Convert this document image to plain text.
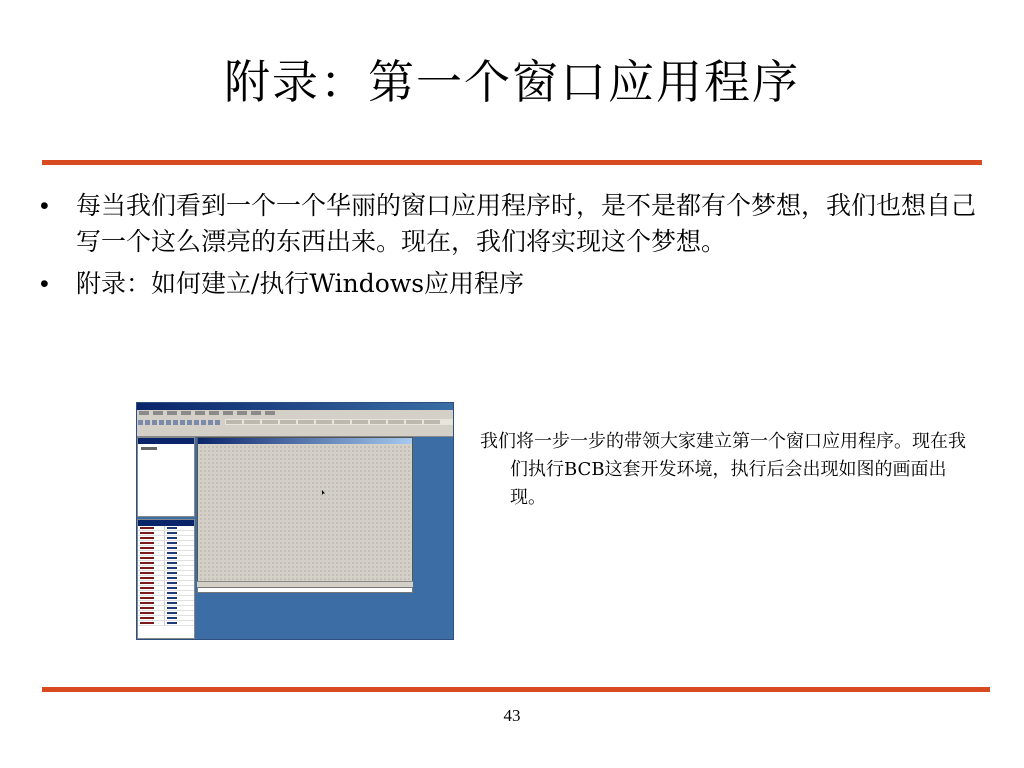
附录：第一个窗口应用程序
• 每当我们看到一个一个华丽的窗口应用程序时，是不是都有个梦想，我们也想自己写一个这么漂亮的东西出来。现在，我们将实现这个梦想。
• 附录：如何建立/执行Windows应用程序

我们将一步一步的带领大家建立第一个窗口应用程序。现在我们执行BCB这套开发环境，执行后会出现如图的画面出现。

43
